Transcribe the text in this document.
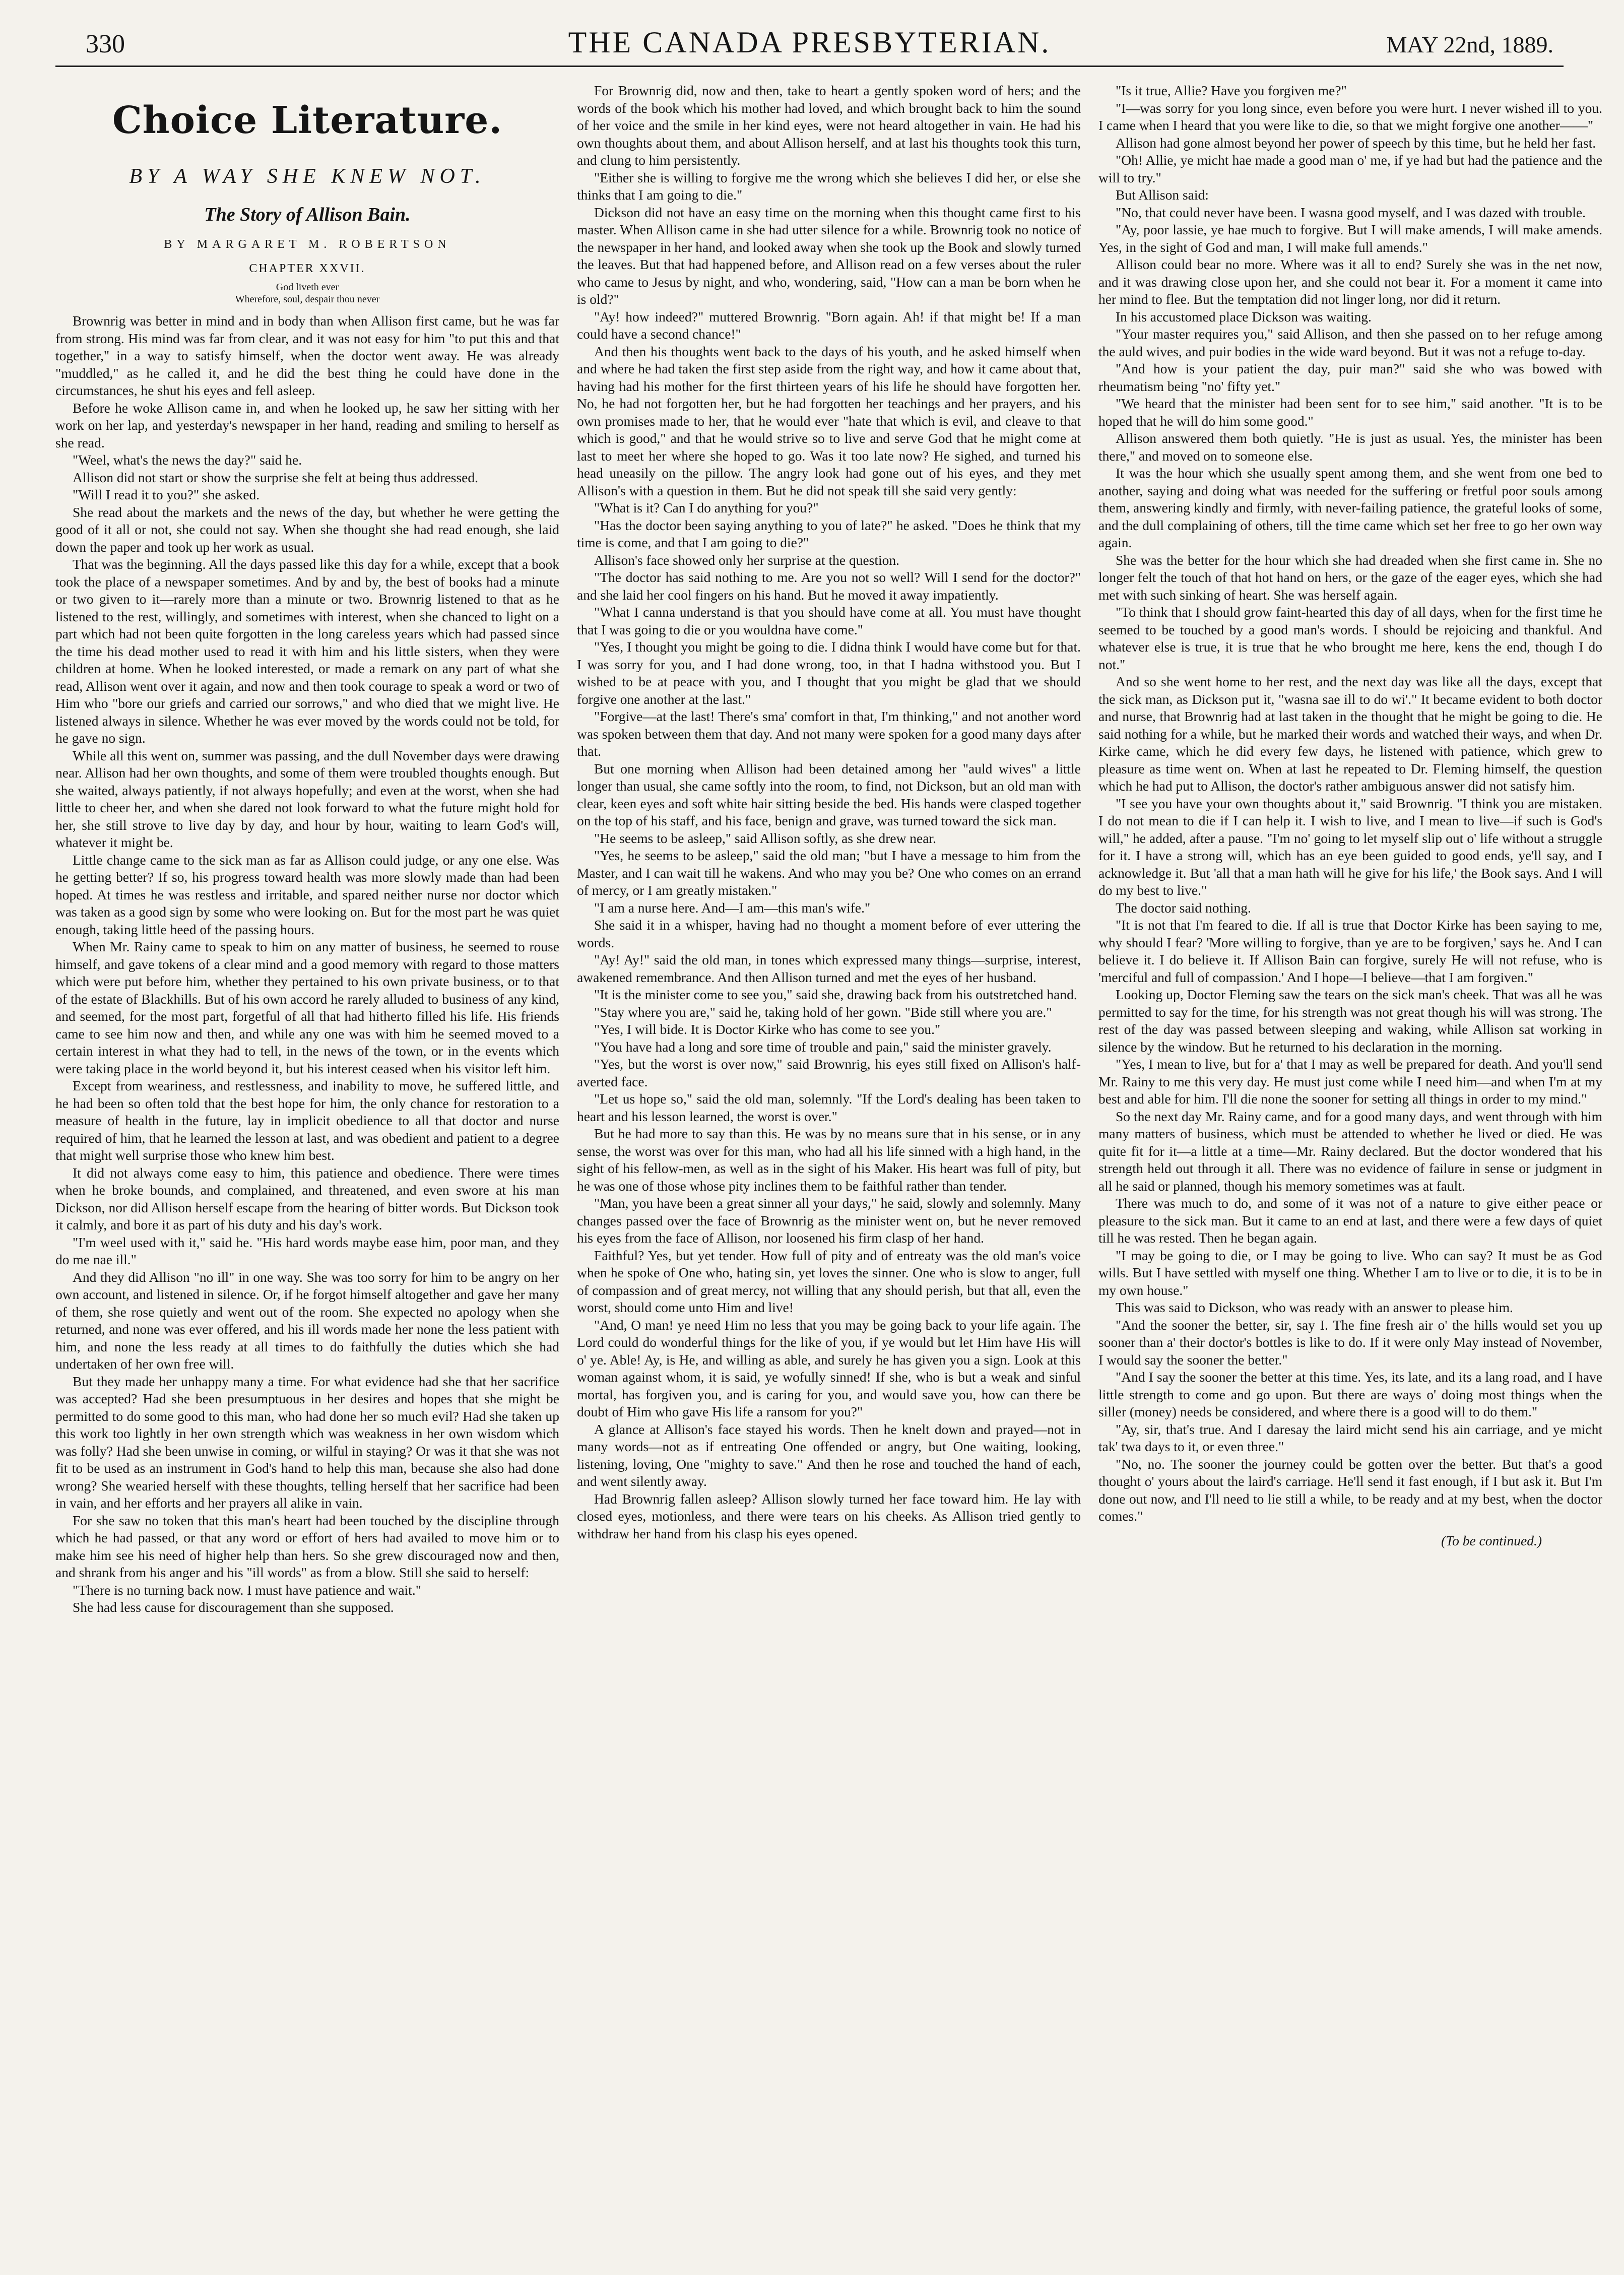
330	THE CANADA PRESBYTERIAN.	MAY 22nd, 1889.
Choice Literature.
BY A WAY SHE KNEW NOT.
The Story of Allison Bain.
BY MARGARET M. ROBERTSON
CHAPTER XXVII.
God liveth ever
Wherefore, soul, despair thou never

Brownrig was better in mind and in body than when Allison first came, but he was far from strong. His mind was far from clear, and it was not easy for him "to put this and that together," in a way to satisfy himself, when the doctor went away. He was already "muddled," as he called it, and he did the best thing he could have done in the circumstances, he shut his eyes and fell asleep.

Before he woke Allison came in, and when he looked up, he saw her sitting with her work on her lap, and yesterday's newspaper in her hand, reading and smiling to herself as she read.

"Weel, what's the news the day?" said he.

Allison did not start or show the surprise she felt at being thus addressed.

"Will I read it to you?" she asked.

She read about the markets and the news of the day, but whether he were getting the good of it all or not, she could not say. When she thought she had read enough, she laid down the paper and took up her work as usual.

That was the beginning. All the days passed like this day for a while, except that a book took the place of a newspaper sometimes. And by and by, the best of books had a minute or two given to it—rarely more than a minute or two. Brownrig listened to that as he listened to the rest, willingly, and sometimes with interest, when she chanced to light on a part which had not been quite forgotten in the long careless years which had passed since the time his dead mother used to read it with him and his little sisters, when they were children at home. When he looked interested, or made a remark on any part of what she read, Allison went over it again, and now and then took courage to speak a word or two of Him who "bore our griefs and carried our sorrows," and who died that we might live. He listened always in silence. Whether he was ever moved by the words could not be told, for he gave no sign.

While all this went on, summer was passing, and the dull November days were drawing near. Allison had her own thoughts, and some of them were troubled thoughts enough. But she waited, always patiently, if not always hopefully; and even at the worst, when she had little to cheer her, and when she dared not look forward to what the future might hold for her, she still strove to live day by day, and hour by hour, waiting to learn God's will, whatever it might be.

Little change came to the sick man as far as Allison could judge, or any one else. Was he getting better? If so, his progress toward health was more slowly made than had been hoped. At times he was restless and irritable, and spared neither nurse nor doctor which was taken as a good sign by some who were looking on. But for the most part he was quiet enough, taking little heed of the passing hours.

When Mr. Rainy came to speak to him on any matter of business, he seemed to rouse himself, and gave tokens of a clear mind and a good memory with regard to those matters which were put before him, whether they pertained to his own private business, or to that of the estate of Blackhills. But of his own accord he rarely alluded to business of any kind, and seemed, for the most part, forgetful of all that had hitherto filled his life. His friends came to see him now and then, and while any one was with him he seemed moved to a certain interest in what they had to tell, in the news of the town, or in the events which were taking place in the world beyond it, but his interest ceased when his visitor left him.

Except from weariness, and restlessness, and inability to move, he suffered little, and he had been so often told that the best hope for him, the only chance for restoration to a measure of health in the future, lay in implicit obedience to all that doctor and nurse required of him, that he learned the lesson at last, and was obedient and patient to a degree that might well surprise those who knew him best.

It did not always come easy to him, this patience and obedience. There were times when he broke bounds, and complained, and threatened, and even swore at his man Dickson, nor did Allison herself escape from the hearing of bitter words. But Dickson took it calmly, and bore it as part of his duty and his day's work.

"I'm weel used with it," said he. "His hard words maybe ease him, poor man, and they do me nae ill."

And they did Allison "no ill" in one way. She was too sorry for him to be angry on her own account, and listened in silence. Or, if he forgot himself altogether and gave her many of them, she rose quietly and went out of the room. She expected no apology when she returned, and none was ever offered, and his ill words made her none the less patient with him, and none the less ready at all times to do faithfully the duties which she had undertaken of her own free will.

But they made her unhappy many a time. For what evidence had she that her sacrifice was accepted? Had she been presumptuous in her desires and hopes that she might be permitted to do some good to this man, who had done her so much evil? Had she taken up this work too lightly in her own strength which was weakness in her own wisdom which was folly? Had she been unwise in coming, or wilful in staying? Or was it that she was not fit to be used as an instrument in God's hand to help this man, because she also had done wrong? She wearied herself with these thoughts, telling herself that her sacrifice had been in vain, and her efforts and her prayers all alike in vain.

For she saw no token that this man's heart had been touched by the discipline through which he had passed, or that any word or effort of hers had availed to move him or to make him see his need of higher help than hers. So she grew discouraged now and then, and shrank from his anger and his "ill words" as from a blow. Still she said to herself:

"There is no turning back now. I must have patience and wait."

She had less cause for discouragement than she supposed.

For Brownrig did, now and then, take to heart a gently spoken word of hers; and the words of the book which his mother had loved, and which brought back to him the sound of her voice and the smile in her kind eyes, were not heard altogether in vain. He had his own thoughts about them, and about Allison herself, and at last his thoughts took this turn, and clung to him persistently.

"Either she is willing to forgive me the wrong which she believes I did her, or else she thinks that I am going to die."

Dickson did not have an easy time on the morning when this thought came first to his master. When Allison came in she had utter silence for a while. Brownrig took no notice of the newspaper in her hand, and looked away when she took up the Book and slowly turned the leaves. But that had happened before, and Allison read on a few verses about the ruler who came to Jesus by night, and who, wondering, said, "How can a man be born when he is old?"

"Ay! how indeed?" muttered Brownrig. "Born again. Ah! if that might be! If a man could have a second chance!"

And then his thoughts went back to the days of his youth, and he asked himself when and where he had taken the first step aside from the right way, and how it came about that, having had his mother for the first thirteen years of his life he should have forgotten her. No, he had not forgotten her, but he had forgotten her teachings and her prayers, and his own promises made to her, that he would ever "hate that which is evil, and cleave to that which is good," and that he would strive so to live and serve God that he might come at last to meet her where she hoped to go. Was it too late now? He sighed, and turned his head uneasily on the pillow. The angry look had gone out of his eyes, and they met Allison's with a question in them. But he did not speak till she said very gently:

"What is it? Can I do anything for you?"

"Has the doctor been saying anything to you of late?" he asked. "Does he think that my time is come, and that I am going to die?"

Allison's face showed only her surprise at the question.

"The doctor has said nothing to me. Are you not so well? Will I send for the doctor?" and she laid her cool fingers on his hand. But he moved it away impatiently.

"What I canna understand is that you should have come at all. You must have thought that I was going to die or you wouldna have come."

"Yes, I thought you might be going to die. I didna think I would have come but for that. I was sorry for you, and I had done wrong, too, in that I hadna withstood you. But I wished to be at peace with you, and I thought that you might be glad that we should forgive one another at the last."

"Forgive—at the last! There's sma' comfort in that, I'm thinking," and not another word was spoken between them that day. And not many were spoken for a good many days after that.

But one morning when Allison had been detained among her "auld wives" a little longer than usual, she came softly into the room, to find, not Dickson, but an old man with clear, keen eyes and soft white hair sitting beside the bed. His hands were clasped together on the top of his staff, and his face, benign and grave, was turned toward the sick man.

"He seems to be asleep," said Allison softly, as she drew near.

"Yes, he seems to be asleep," said the old man; "but I have a message to him from the Master, and I can wait till he wakens. And who may you be? One who comes on an errand of mercy, or I am greatly mistaken."

"I am a nurse here. And—I am—this man's wife."

She said it in a whisper, having had no thought a moment before of ever uttering the words.

"Ay! Ay!" said the old man, in tones which expressed many things—surprise, interest, awakened remembrance. And then Allison turned and met the eyes of her husband.

"It is the minister come to see you," said she, drawing back from his outstretched hand.

"Stay where you are," said he, taking hold of her gown. "Bide still where you are."

"Yes, I will bide. It is Doctor Kirke who has come to see you."

"You have had a long and sore time of trouble and pain," said the minister gravely.

"Yes, but the worst is over now," said Brownrig, his eyes still fixed on Allison's half-averted face.

"Let us hope so," said the old man, solemnly. "If the Lord's dealing has been taken to heart and his lesson learned, the worst is over."

But he had more to say than this. He was by no means sure that in his sense, or in any sense, the worst was over for this man, who had all his life sinned with a high hand, in the sight of his fellow-men, as well as in the sight of his Maker. His heart was full of pity, but he was one of those whose pity inclines them to be faithful rather than tender.

"Man, you have been a great sinner all your days," he said, slowly and solemnly. Many changes passed over the face of Brownrig as the minister went on, but he never removed his eyes from the face of Allison, nor loosened his firm clasp of her hand.

Faithful? Yes, but yet tender. How full of pity and of entreaty was the old man's voice when he spoke of One who, hating sin, yet loves the sinner. One who is slow to anger, full of compassion and of great mercy, not willing that any should perish, but that all, even the worst, should come unto Him and live!

"And, O man! ye need Him no less that you may be going back to your life again. The Lord could do wonderful things for the like of you, if ye would but let Him have His will o' ye. Able! Ay, is He, and willing as able, and surely he has given you a sign. Look at this woman against whom, it is said, ye wofully sinned! If she, who is but a weak and sinful mortal, has forgiven you, and is caring for you, and would save you, how can there be doubt of Him who gave His life a ransom for you?"

A glance at Allison's face stayed his words. Then he knelt down and prayed—not in many words—not as if entreating One offended or angry, but One waiting, looking, listening, loving, One "mighty to save." And then he rose and touched the hand of each, and went silently away.

Had Brownrig fallen asleep? Allison slowly turned her face toward him. He lay with closed eyes, motionless, and there were tears on his cheeks. As Allison tried gently to withdraw her hand from his clasp his eyes opened.

"Is it true, Allie? Have you forgiven me?"

"I—was sorry for you long since, even before you were hurt. I never wished ill to you. I came when I heard that you were like to die, so that we might forgive one another——"

Allison had gone almost beyond her power of speech by this time, but he held her fast.

"Oh! Allie, ye micht hae made a good man o' me, if ye had but had the patience and the will to try."

But Allison said:

"No, that could never have been. I wasna good myself, and I was dazed with trouble.

"Ay, poor lassie, ye hae much to forgive. But I will make amends, I will make amends. Yes, in the sight of God and man, I will make full amends."

Allison could bear no more. Where was it all to end? Surely she was in the net now, and it was drawing close upon her, and she could not bear it. For a moment it came into her mind to flee. But the temptation did not linger long, nor did it return.

In his accustomed place Dickson was waiting.

"Your master requires you," said Allison, and then she passed on to her refuge among the auld wives, and puir bodies in the wide ward beyond. But it was not a refuge to-day.

"And how is your patient the day, puir man?" said she who was bowed with rheumatism being "no' fifty yet."

"We heard that the minister had been sent for to see him," said another. "It is to be hoped that he will do him some good."

Allison answered them both quietly. "He is just as usual. Yes, the minister has been there," and moved on to someone else.

It was the hour which she usually spent among them, and she went from one bed to another, saying and doing what was needed for the suffering or fretful poor souls among them, answering kindly and firmly, with never-failing patience, the grateful looks of some, and the dull complaining of others, till the time came which set her free to go her own way again.

She was the better for the hour which she had dreaded when she first came in. She no longer felt the touch of that hot hand on hers, or the gaze of the eager eyes, which she had met with such sinking of heart. She was herself again.

"To think that I should grow faint-hearted this day of all days, when for the first time he seemed to be touched by a good man's words. I should be rejoicing and thankful. And whatever else is true, it is true that he who brought me here, kens the end, though I do not."

And so she went home to her rest, and the next day was like all the days, except that the sick man, as Dickson put it, "wasna sae ill to do wi'." It became evident to both doctor and nurse, that Brownrig had at last taken in the thought that he might be going to die. He said nothing for a while, but he marked their words and watched their ways, and when Dr. Kirke came, which he did every few days, he listened with patience, which grew to pleasure as time went on. When at last he repeated to Dr. Fleming himself, the question which he had put to Allison, the doctor's rather ambiguous answer did not satisfy him.

"I see you have your own thoughts about it," said Brownrig. "I think you are mistaken. I do not mean to die if I can help it. I wish to live, and I mean to live—if such is God's will," he added, after a pause. "I'm no' going to let myself slip out o' life without a struggle for it. I have a strong will, which has an eye been guided to good ends, ye'll say, and I acknowledge it. But 'all that a man hath will he give for his life,' the Book says. And I will do my best to live."

The doctor said nothing.

"It is not that I'm feared to die. If all is true that Doctor Kirke has been saying to me, why should I fear? 'More willing to forgive, than ye are to be forgiven,' says he. And I can believe it. I do believe it. If Allison Bain can forgive, surely He will not refuse, who is 'merciful and full of compassion.' And I hope—I believe—that I am forgiven."

Looking up, Doctor Fleming saw the tears on the sick man's cheek. That was all he was permitted to say for the time, for his strength was not great though his will was strong. The rest of the day was passed between sleeping and waking, while Allison sat working in silence by the window. But he returned to his declaration in the morning.

"Yes, I mean to live, but for a' that I may as well be prepared for death. And you'll send Mr. Rainy to me this very day. He must just come while I need him—and when I'm at my best and able for him. I'll die none the sooner for setting all things in order to my mind."

So the next day Mr. Rainy came, and for a good many days, and went through with him many matters of business, which must be attended to whether he lived or died. He was quite fit for it—a little at a time—Mr. Rainy declared. But the doctor wondered that his strength held out through it all. There was no evidence of failure in sense or judgment in all he said or planned, though his memory sometimes was at fault.

There was much to do, and some of it was not of a nature to give either peace or pleasure to the sick man. But it came to an end at last, and there were a few days of quiet till he was rested. Then he began again.

"I may be going to die, or I may be going to live. Who can say? It must be as God wills. But I have settled with myself one thing. Whether I am to live or to die, it is to be in my own house."

This was said to Dickson, who was ready with an answer to please him.

"And the sooner the better, sir, say I. The fine fresh air o' the hills would set you up sooner than a' their doctor's bottles is like to do. If it were only May instead of November, I would say the sooner the better."

"And I say the sooner the better at this time. Yes, its late, and its a lang road, and I have little strength to come and go upon. But there are ways o' doing most things when the siller (money) needs be considered, and where there is a good will to do them."

"Ay, sir, that's true. And I daresay the laird micht send his ain carriage, and ye micht tak' twa days to it, or even three."

"No, no. The sooner the journey could be gotten over the better. But that's a good thought o' yours about the laird's carriage. He'll send it fast enough, if I but ask it. But I'm done out now, and I'll need to lie still a while, to be ready and at my best, when the doctor comes."

(To be continued.)
